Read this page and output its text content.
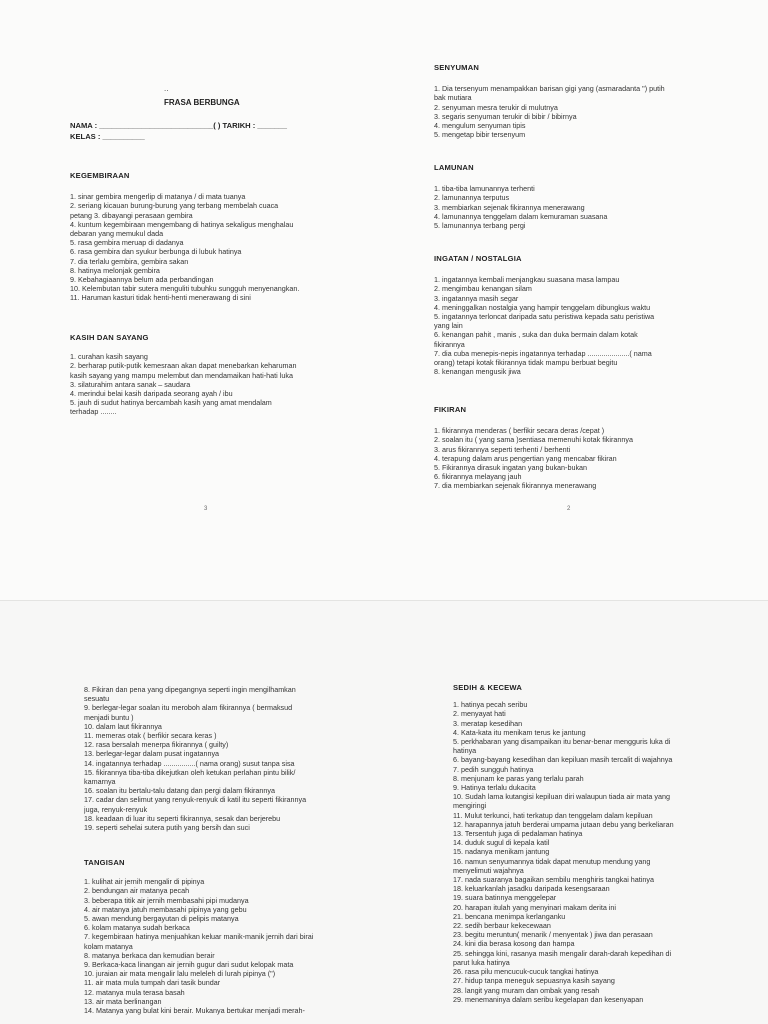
..
FRASA BERBUNGA
NAMA : ___________________________( ) TARIKH : _______
KELAS : __________
KEGEMBIRAAN
1. sinar gembira mengerlip di matanya / di mata tuanya
2. seriang kicauan burung-burung yang terbang membelah cuaca
petang 3. dibayangi perasaan gembira
4. kuntum kegembiraan mengembang di hatinya sekaligus menghalau
debaran yang memukul dada
5. rasa gembira meruap di dadanya
6. rasa gembira dan syukur berbunga di lubuk hatinya
7. dia terlalu gembira, gembira sakan
8. hatinya melonjak gembira
9. Kebahagiaannya belum ada perbandingan
10. Kelembutan tabir sutera menguliti tubuhku sungguh menyenangkan.
11. Haruman kasturi tidak henti-henti menerawang di sini
KASIH DAN SAYANG
1. curahan kasih sayang
2. berharap putik-putik kemesraan akan dapat menebarkan keharuman
kasih sayang yang mampu melembut dan mendamaikan hati-hati luka
3. silaturahim antara sanak – saudara
4. merindui belai kasih daripada seorang ayah / ibu
5. jauh di sudut hatinya bercambah kasih yang amat mendalam
terhadap ........
3
SENYUMAN
1. Dia tersenyum menampakkan barisan gigi yang (asmaradanta ") putih
bak mutiara
2. senyuman mesra terukir di mulutnya
3. segaris senyuman terukir di bibir / bibirnya
4. mengulum senyuman tipis
5. mengetap bibir tersenyum
LAMUNAN
1. tiba-tiba lamunannya terhenti
2. lamunannya terputus
3. membiarkan sejenak fikirannya menerawang
4. lamunannya tenggelam dalam kemuraman suasana
5. lamunannya terbang pergi
INGATAN / NOSTALGIA
1. ingatannya kembali menjangkau suasana masa lampau
2. mengimbau kenangan silam
3. ingatannya masih segar
4. meninggalkan nostalgia yang hampir tenggelam dibungkus waktu
5. ingatannya terloncat daripada satu peristiwa kepada satu peristiwa
yang lain
6. kenangan pahit , manis , suka dan duka bermain dalam kotak
fikirannya
7. dia cuba menepis-nepis ingatannya terhadap .....................( nama
orang) tetapi kotak fikirannya tidak mampu berbuat begitu
8. kenangan mengusik jiwa
FIKIRAN
1. fikirannya menderas ( berfikir secara deras /cepat )
2. soalan itu ( yang sama )sentiasa memenuhi kotak fikirannya
3. arus fikirannya seperti terhenti / berhenti
4. terapung dalam arus pengertian yang mencabar fikiran
5. Fikirannya dirasuk ingatan yang bukan-bukan
6. fikirannya melayang jauh
7. dia membiarkan sejenak fikirannya menerawang
2
8. Fikiran dan pena yang dipegangnya seperti ingin mengilhamkan
sesuatu
9. berlegar-legar soalan itu meroboh alam fikirannya ( bermaksud
menjadi buntu )
10. dalam laut fikirannya
11. memeras otak ( berfikir secara keras )
12. rasa bersalah menerpa fikirannya ( guilty)
13. berlegar-legar dalam pusat ingatannya
14. ingatannya terhadap ................( nama orang) susut tanpa sisa
15. fikirannya tiba-tiba dikejutkan oleh ketukan perlahan pintu bilik/
kamarnya
16. soalan itu bertalu-talu datang dan pergi dalam fikirannya
17. cadar dan selimut yang renyuk-renyuk di katil itu seperti fikirannya
juga, renyuk-renyuk
18. keadaan di luar itu seperti fikirannya, sesak dan berjerebu
19. seperti sehelai sutera putih yang bersih dan suci
TANGISAN
1. kulihat air jernih mengalir di pipinya
2. bendungan air matanya pecah
3. beberapa titik air jernih membasahi pipi mudanya
4. air matanya jatuh membasahi pipinya yang gebu
5. awan mendung bergayutan di pelipis matanya
6. kolam matanya sudah berkaca
7. kegembiraan hatinya menjuahkan keluar manik-manik jernih dari birai
kolam matanya
8. matanya berkaca dan kemudian berair
9. Berkaca-kaca linangan air jernih gugur dari sudut kelopak mata
10. juraian air mata mengalir lalu meleleh di lurah pipinya (")
11. air mata mula tumpah dari tasik bundar
12. matanya mula terasa basah
13. air mata berlinangan
14. Matanya yang bulat kini berair. Mukanya bertukar menjadi merah-
SEDIH & KECEWA
1. hatinya pecah seribu
2. menyayat hati
3. meratap kesedihan
4. Kata-kata itu menikam terus ke jantung
5. perkhabaran yang disampaikan itu benar-benar mengguris luka di
hatinya
6. bayang-bayang kesedihan dan kepiluan masih tercalit di wajahnya
7. pedih sungguh hatinya
8. menjunam ke paras yang terlalu parah
9. Hatinya terlalu dukacita
10. Sudah lama kutangisi kepiluan diri walaupun tiada air mata yang
mengiringi
11. Mulut terkunci, hati terkatup dan tenggelam dalam kepiluan
12. harapannya jatuh berderai umpama jutaan debu yang berkeliaran
13. Tersentuh juga di pedalaman hatinya
14. duduk sugul di kepala katil
15. nadanya menikam jantung
16. namun senyumannya tidak dapat menutup mendung yang
menyelimuti wajahnya
17. nada suaranya bagaikan sembilu menghiris tangkai hatinya
18. keluarkanlah jasadku daripada kesengsaraan
19. suara batinnya menggelepar
20. harapan itulah yang menyinari makam derita ini
21. bencana menimpa kerlanganku
22. sedih berbaur kekecewaan
23. begitu meruntun( menarik / menyentak ) jiwa dan perasaan
24. kini dia berasa kosong dan hampa
25. sehingga kini, rasanya masih mengalir darah-darah kepedihan di
parut luka hatinya
26. rasa pilu mencucuk-cucuk tangkai hatinya
27. hidup tanpa meneguk sepuasnya kasih sayang
28. langit yang muram dan ombak yang resah
29. menemaninya dalam seribu kegelapan dan kesenyapan
